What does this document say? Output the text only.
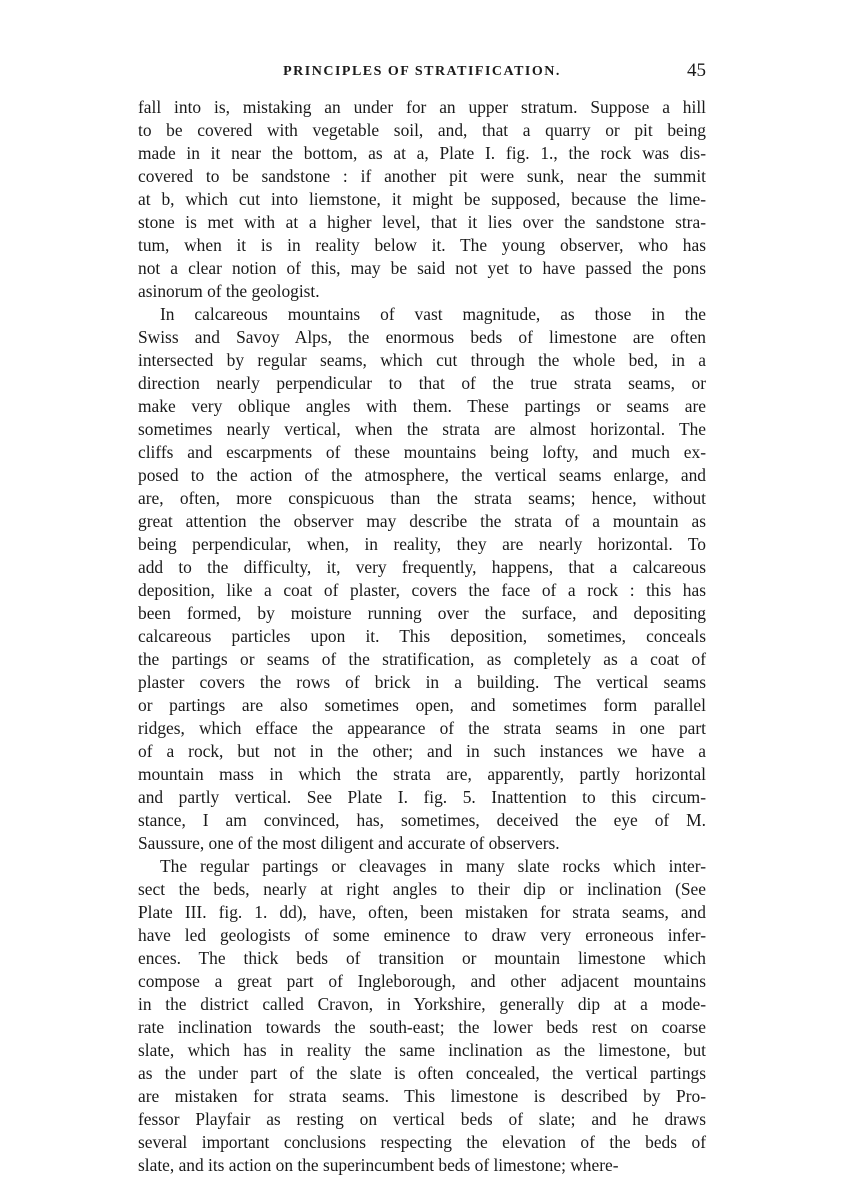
PRINCIPLES OF STRATIFICATION.	45
fall into is, mistaking an under for an upper stratum. Suppose a hill
to be covered with vegetable soil, and, that a quarry or pit being
made in it near the bottom, as at a, Plate I. fig. 1., the rock was dis-
covered to be sandstone : if another pit were sunk, near the summit
at b, which cut into liemstone, it might be supposed, because the lime-
stone is met with at a higher level, that it lies over the sandstone stra-
tum, when it is in reality below it. The young observer, who has
not a clear notion of this, may be said not yet to have passed the pons
asinorum of the geologist.
In calcareous mountains of vast magnitude, as those in the
Swiss and Savoy Alps, the enormous beds of limestone are often
intersected by regular seams, which cut through the whole bed, in a
direction nearly perpendicular to that of the true strata seams, or
make very oblique angles with them. These partings or seams are
sometimes nearly vertical, when the strata are almost horizontal. The
cliffs and escarpments of these mountains being lofty, and much ex-
posed to the action of the atmosphere, the vertical seams enlarge, and
are, often, more conspicuous than the strata seams; hence, without
great attention the observer may describe the strata of a mountain as
being perpendicular, when, in reality, they are nearly horizontal. To
add to the difficulty, it, very frequently, happens, that a calcareous
deposition, like a coat of plaster, covers the face of a rock : this has
been formed, by moisture running over the surface, and depositing
calcareous particles upon it. This deposition, sometimes, conceals
the partings or seams of the stratification, as completely as a coat of
plaster covers the rows of brick in a building. The vertical seams
or partings are also sometimes open, and sometimes form parallel
ridges, which efface the appearance of the strata seams in one part
of a rock, but not in the other; and in such instances we have a
mountain mass in which the strata are, apparently, partly horizontal
and partly vertical. See Plate I. fig. 5. Inattention to this circum-
stance, I am convinced, has, sometimes, deceived the eye of M.
Saussure, one of the most diligent and accurate of observers.
The regular partings or cleavages in many slate rocks which inter-
sect the beds, nearly at right angles to their dip or inclination (See
Plate III. fig. 1. dd), have, often, been mistaken for strata seams, and
have led geologists of some eminence to draw very erroneous infer-
ences. The thick beds of transition or mountain limestone which
compose a great part of Ingleborough, and other adjacent mountains
in the district called Cravon, in Yorkshire, generally dip at a mode-
rate inclination towards the south-east; the lower beds rest on coarse
slate, which has in reality the same inclination as the limestone, but
as the under part of the slate is often concealed, the vertical partings
are mistaken for strata seams. This limestone is described by Pro-
fessor Playfair as resting on vertical beds of slate; and he draws
several important conclusions respecting the elevation of the beds of
slate, and its action on the superincumbent beds of limestone; where-
